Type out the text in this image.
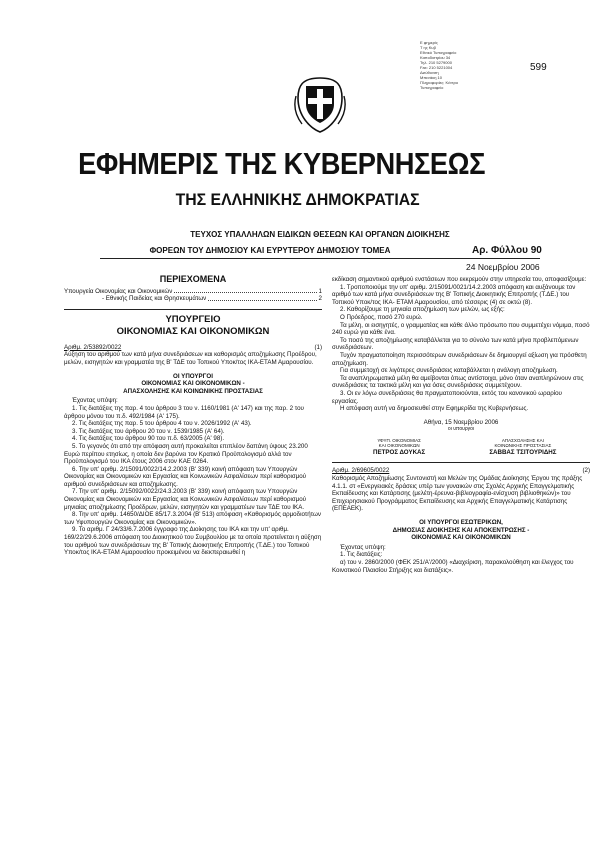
Ε φημερίς
Τ ης Κυβ
Εθνικό Τυπογραφείο
Καποδιστρίου 34
Τηλ. 210 5279000
Fax: 210 5221004
Διεύθυνση
Μπενάκη 10
Πληροφορίες: Κέντρο
Τυπογραφείο
599
ΕΦΗΜΕΡΙΣ ΤΗΣ ΚΥΒΕΡΝΗΣΕΩΣ
ΤΗΣ ΕΛΛΗΝΙΚΗΣ ΔΗΜΟΚΡΑΤΙΑΣ
ΤΕΥΧΟΣ ΥΠΑΛΛΗΛΩΝ ΕΙΔΙΚΩΝ ΘΕΣΕΩΝ ΚΑΙ ΟΡΓΑΝΩΝ ΔΙΟΙΚΗΣΗΣ
ΦΟΡΕΩΝ ΤΟΥ ΔΗΜΟΣΙΟΥ ΚΑΙ ΕΥΡΥΤΕΡΟΥ ΔΗΜΟΣΙΟΥ ΤΟΜΕΑ	Αρ. Φύλλου 90
24 Νοεμβρίου 2006

ΠΕΡΙΕΧΟΜΕΝΑ

Υπουργεία Οικονομίας και Οικονομικών	1
- Εθνικής Παιδείας και Θρησκευμάτων	2

ΥΠΟΥΡΓΕΙΟ

ΟΙΚΟΝΟΜΙΑΣ ΚΑΙ ΟΙΚΟΝΟΜΙΚΩΝ

Αριθμ. 2/53892/0022	(1)

Αύξηση του αριθμού των κατά μήνα συνεδριάσεων και καθορισμός αποζημίωσης Προέδρου, μελών, εισηγητών και γραμματέα της Β' ΤΔΕ του Τοπικού Υποκ/τος ΙΚΑ-ΕΤΑΜ Αμαρουσίου.

ΟΙ ΥΠΟΥΡΓΟΙ
ΟΙΚΟΝΟΜΙΑΣ ΚΑΙ ΟΙΚΟΝΟΜΙΚΩΝ -
ΑΠΑΣΧΟΛΗΣΗΣ ΚΑΙ ΚΟΙΝΩΝΙΚΗΣ ΠΡΟΣΤΑΣΙΑΣ

Έχοντας υπόψη:

1. Τις διατάξεις της παρ. 4 του άρθρου 3 του ν. 1160/1981 (Α' 147) και της παρ. 2 του άρθρου μόνου του π.δ. 492/1984 (Α' 175).

2. Τις διατάξεις της παρ. 5 του άρθρου 4 του ν. 2026/1992 (Α' 43).

3. Τις διατάξεις του άρθρου 20 του ν. 1539/1985 (Α' 64).

4. Τις διατάξεις του άρθρου 90 του π.δ. 63/2005 (Α' 98).

5. Το γεγονός ότι από την απόφαση αυτή προκαλείται επιπλέον δαπάνη ύψους 23.200 Ευρώ περίπου ετησίως, η οποία δεν βαρύνει τον Κρατικό Προϋπολογισμό αλλά τον Προϋπολογισμό του ΙΚΑ έτους 2006 στον ΚΑΕ 0264.

6. Την υπ' αριθμ. 2/15091/0022/14.2.2003 (Β' 339) κοινή απόφαση των Υπουργών Οικονομίας και Οικονομικών και Εργασίας και Κοινωνικών Ασφαλίσεων περί καθορισμού αριθμού συνεδριάσεων και αποζημίωσης.

7. Την υπ' αριθμ. 2/15092/0022/24.3.2003 (Β' 339) κοινή απόφαση των Υπουργών Οικονομίας και Οικονομικών και Εργασίας και Κοινωνικών Ασφαλίσεων περί καθορισμού μηνιαίας αποζημίωσης Προέδρων, μελών, εισηγητών και γραμματέων των ΤΔΕ του ΙΚΑ.

8. Την υπ' αριθμ. 14650/ΔΙΟΕ 85/17.3.2004 (Β' 513) απόφαση «Καθορισμός αρμοδιοτήτων των Υφυπουργών Οικονομίας και Οικονομικών».

9. Το αριθμ. Γ 24/33/6.7.2006 έγγραφο της Διοίκησης του ΙΚΑ και την υπ' αριθμ. 169/22/29.6.2006 απόφαση του Διοικητικού του Συμβουλίου με τα οποία προτείνεται η αύξηση του αριθμού των συνεδριάσεων της Β' Τοπικής Διοικητικής Επιτροπής (Τ.ΔΕ.) του Τοπικού Υποκ/τος ΙΚΑ-ΕΤΑΜ Αμαρουσίου προκειμένου να διεκπεραιωθεί η

εκδίκαση σημαντικού αριθμού ενστάσεων που εκκρεμούν στην υπηρεσία του, αποφασίζουμε:

1. Τροποποιούμε την υπ' αριθμ. 2/15091/0021/14.2.2003 απόφαση και αυξάνουμε τον αριθμό των κατά μήνα συνεδριάσεων της Β' Τοπικής Διοικητικής Επιτροπής (Τ.ΔΕ.) του Τοπικού Υποκ/τος ΙΚΑ- ΕΤΑΜ Αμαρουσίου, από τέσσερις (4) σε οκτώ (8).

2. Καθορίζουμε τη μηνιαία αποζημίωση των μελών, ως εξής:

Ο Πρόεδρος, ποσό 270 ευρώ.

Τα μέλη, οι εισηγητές, ο γραμματέας και κάθε άλλο πρόσωπο που συμμετέχει νόμιμα, ποσό 240 ευρώ για κάθε ένα.

Το ποσό της αποζημίωσης καταβάλλεται για το σύνολο των κατά μήνα προβλεπόμενων συνεδριάσεων.

Τυχόν πραγματοποίηση περισσότερων συνεδριάσεων δε δημιουργεί αξίωση για πρόσθετη αποζημίωση.

Για συμμετοχή σε λιγότερες συνεδριάσεις καταβάλλεται η ανάλογη αποζημίωση.

Τα αναπληρωματικά μέλη θα αμείβονται όπως αντίστοιχα, μόνο όταν αναπληρώνουν στις συνεδριάσεις τα τακτικά μέλη και για όσες συνεδριάσεις συμμετέχουν.

3. Οι εν λόγω συνεδριάσεις θα πραγματοποιούνται, εκτός του κανονικού ωραρίου εργασίας.

Η απόφαση αυτή να δημοσιευθεί στην Εφημερίδα της Κυβερνήσεως.

Αθήνα, 15 Νοεμβρίου 2006

οι υπουργοι

ΥΦΥΠ. ΟΙΚΟΝΟΜΙΑΣ
ΚΑΙ ΟΙΚΟΝΟΜΙΚΩΝ

ΠΕΤΡΟΣ ΔΟΥΚΑΣ

ΑΠΑΣΧΟΛΗΣΗΣ ΚΑΙ
ΚΟΙΝΩΝΙΚΗΣ ΠΡΟΣΤΑΣΙΑΣ

ΣΑΒΒΑΣ ΤΣΙΤΟΥΡΙΔΗΣ

Αριθμ. 2/69605/0022	(2)

Καθορισμός Αποζημίωσης Συντονιστή και Μελών της Ομάδας Διοίκησης Έργου της πράξης 4.1.1. στ «Ενεργειακές δράσεις υπέρ των γυναικών στις Σχολές Αρχικής Επαγγελματικής Εκπαίδευσης και Κατάρτισης (μελέτη-έρευνα-βιβλιογραφία-ενίσχυση βιβλιοθηκών)» του Επιχειρησιακού Προγράμματος Εκπαίδευσης και Αρχικής Επαγγελματικής Κατάρτισης (ΕΠΕΑΕΚ).

ΟΙ ΥΠΟΥΡΓΟΙ ΕΣΩΤΕΡΙΚΩΝ,
ΔΗΜΟΣΙΑΣ ΔΙΟΙΚΗΣΗΣ ΚΑΙ ΑΠΟΚΕΝΤΡΩΣΗΣ -
ΟΙΚΟΝΟΜΙΑΣ ΚΑΙ ΟΙΚΟΝΟΜΙΚΩΝ

Έχοντας υπόψη:

1. Τις διατάξεις:

α) του ν. 2860/2000 (ΦΕΚ 251/Α'/2000) «Διαχείριση, παρακολούθηση και έλεγχος του Κοινοτικού Πλαισίου Στήριξης και διατάξεις».
